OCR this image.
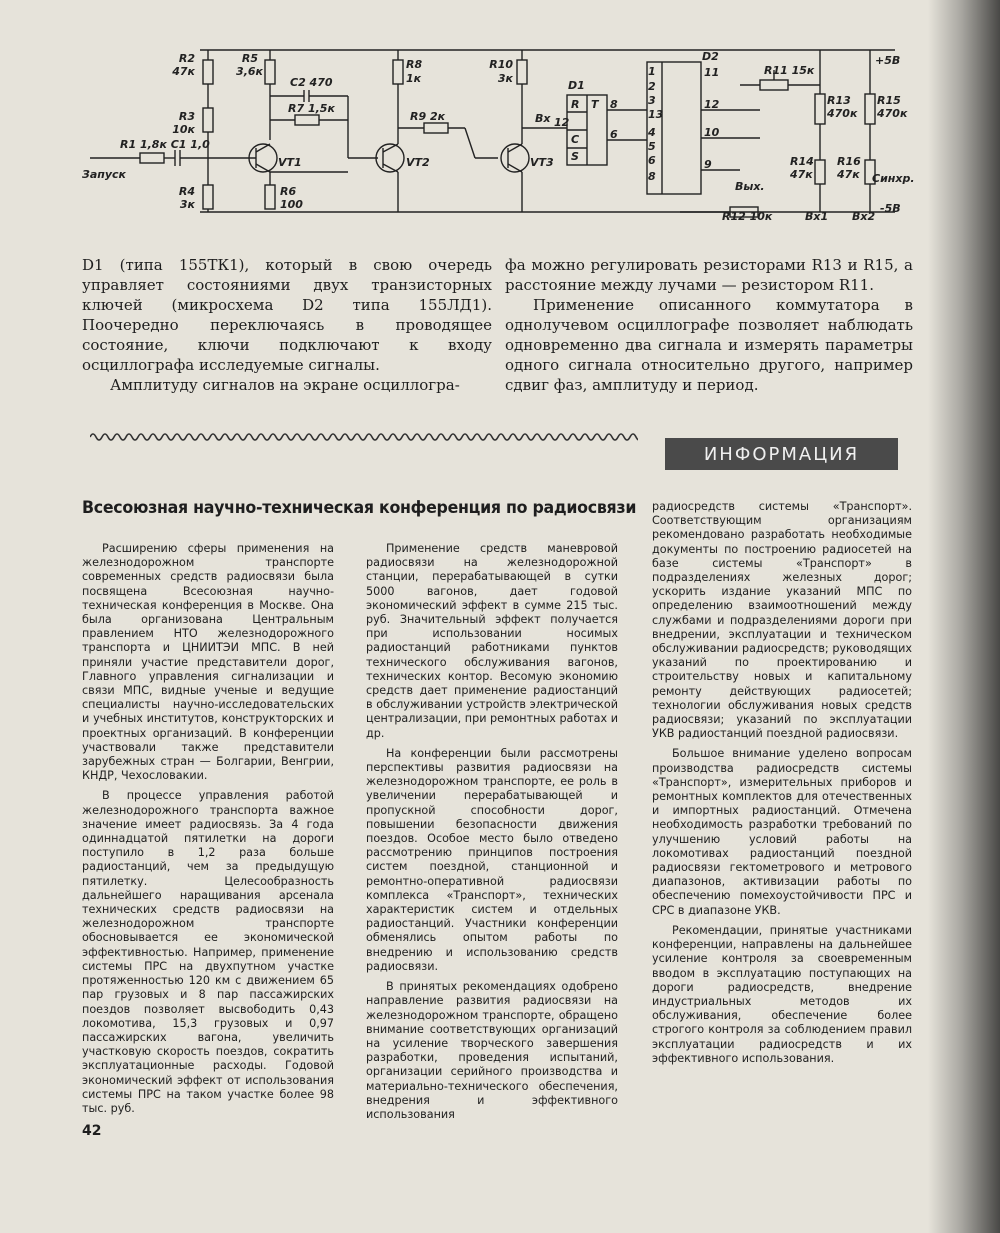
R2
47к
R5
3,6к
C2 470
R7 1,5к
R8
1к
R10
3к
D1
D2
R11 15к
+5В
R13
470к
R15
470к
R3
10к
R1 1,8к C1 1,0
VT1	VT2	VT3
R9 2к	Вх
Запуск
R4
3к
R6
100
R14
47к
R16
47к Синхр.
Вых.
R12 10к	Вх1 Вх2
-5В
1
2
3
13
4
5
6
8
11
12
10
9
R T
C
S
8
12
6

D1 (типа 155ТК1), который в свою очередь управляет состояниями двух транзисторных ключей (микросхема D2 типа 155ЛД1). Поочередно переключаясь в проводящее состояние, ключи подключают к входу осциллографа исследуемые сигналы.

Амплитуду сигналов на экране осциллогра-

фа можно регулировать резисторами R13 и R15, а расстояние между лучами — резистором R11.

Применение описанного коммутатора в однолучевом осциллографе позволяет наблюдать одновременно два сигнала и измерять параметры одного сигнала относительно другого, например сдвиг фаз, амплитуду и период.

ИНФОРМАЦИЯ
Всесоюзная научно-техническая конференция по радиосвязи

Расширению сферы применения на железнодорожном транспорте современных средств радиосвязи была посвящена Всесоюзная научно-техническая конференция в Москве. Она была организована Центральным правлением НТО железнодорожного транспорта и ЦНИИТЭИ МПС. В ней приняли участие представители дорог, Главного управления сигнализации и связи МПС, видные ученые и ведущие специалисты научно-исследовательских и учебных институтов, конструкторских и проектных организаций. В конференции участвовали также представители зарубежных стран — Болгарии, Венгрии, КНДР, Чехословакии.

В процессе управления работой железнодорожного транспорта важное значение имеет радиосвязь. За 4 года одиннадцатой пятилетки на дороги поступило в 1,2 раза больше радиостанций, чем за предыдущую пятилетку. Целесообразность дальнейшего наращивания арсенала технических средств радиосвязи на железнодорожном транспорте обосновывается ее экономической эффективностью. Например, применение системы ПРС на двухпутном участке протяженностью 120 км с движением 65 пар грузовых и 8 пар пассажирских поездов позволяет высвободить 0,43 локомотива, 15,3 грузовых и 0,97 пассажирских вагона, увеличить участковую скорость поездов, сократить эксплуатационные расходы. Годовой экономический эффект от использования системы ПРС на таком участке более 98 тыс. руб.

Применение средств маневровой радиосвязи на железнодорожной станции, перерабатывающей в сутки 5000 вагонов, дает годовой экономический эффект в сумме 215 тыс. руб. Значительный эффект получается при использовании носимых радиостанций работниками пунктов технического обслуживания вагонов, технических контор. Весомую экономию средств дает применение радиостанций в обслуживании устройств электрической централизации, при ремонтных работах и др.

На конференции были рассмотрены перспективы развития радиосвязи на железнодорожном транспорте, ее роль в увеличении перерабатывающей и пропускной способности дорог, повышении безопасности движения поездов. Особое место было отведено рассмотрению принципов построения систем поездной, станционной и ремонтно-оперативной радиосвязи комплекса «Транспорт», технических характеристик систем и отдельных радиостанций. Участники конференции обменялись опытом работы по внедрению и использованию средств радиосвязи.

В принятых рекомендациях одобрено направление развития радиосвязи на железнодорожном транспорте, обращено внимание соответствующих организаций на усиление творческого завершения разработки, проведения испытаний, организации серийного производства и материально-технического обеспечения, внедрения и эффективного использования

радиосредств системы «Транспорт». Соответствующим организациям рекомендовано разработать необходимые документы по построению радиосетей на базе системы «Транспорт» в подразделениях железных дорог; ускорить издание указаний МПС по определению взаимоотношений между службами и подразделениями дороги при внедрении, эксплуатации и техническом обслуживании радиосредств; руководящих указаний по проектированию и строительству новых и капитальному ремонту действующих радиосетей; технологии обслуживания новых средств радиосвязи; указаний по эксплуатации УКВ радиостанций поездной радиосвязи.

Большое внимание уделено вопросам производства радиосредств системы «Транспорт», измерительных приборов и ремонтных комплектов для отечественных и импортных радиостанций. Отмечена необходимость разработки требований по улучшению условий работы на локомотивах радиостанций поездной радиосвязи гектометрового и метрового диапазонов, активизации работы по обеспечению помехоустойчивости ПРС и СРС в диапазоне УКВ.

Рекомендации, принятые участниками конференции, направлены на дальнейшее усиление контроля за своевременным вводом в эксплуатацию поступающих на дороги радиосредств, внедрение индустриальных методов их обслуживания, обеспечение более строгого контроля за соблюдением правил эксплуатации радиосредств и их эффективного использования.

42
